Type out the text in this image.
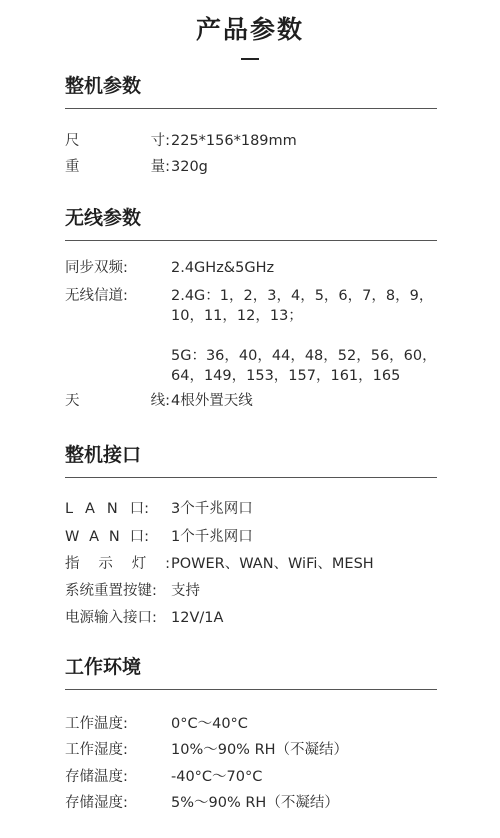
产品参数
整机参数
尺	寸: 225*156*189mm
重	量: 320g
无线参数
同步双频:	2.4GHz&5GHz
无线信道:	2.4G：1，2，3，4，5，6，7，8，9，
10，11，12，13；
5G：36，40，44，48，52，56，60，
64，149，153，157，161，165
天	线: 4根外置天线
整机接口
L A N 口: 3个千兆网口
W A N 口: 1个千兆网口
指 示 灯 : POWER、WAN、WiFi、MESH
系统重置按键: 支持
电源输入接口: 12V/1A
工作环境
工作温度:	0°C～40°C
工作湿度:	10%～90% RH（不凝结）
存储温度:	-40°C～70°C
存储湿度:	5%～90% RH（不凝结）
